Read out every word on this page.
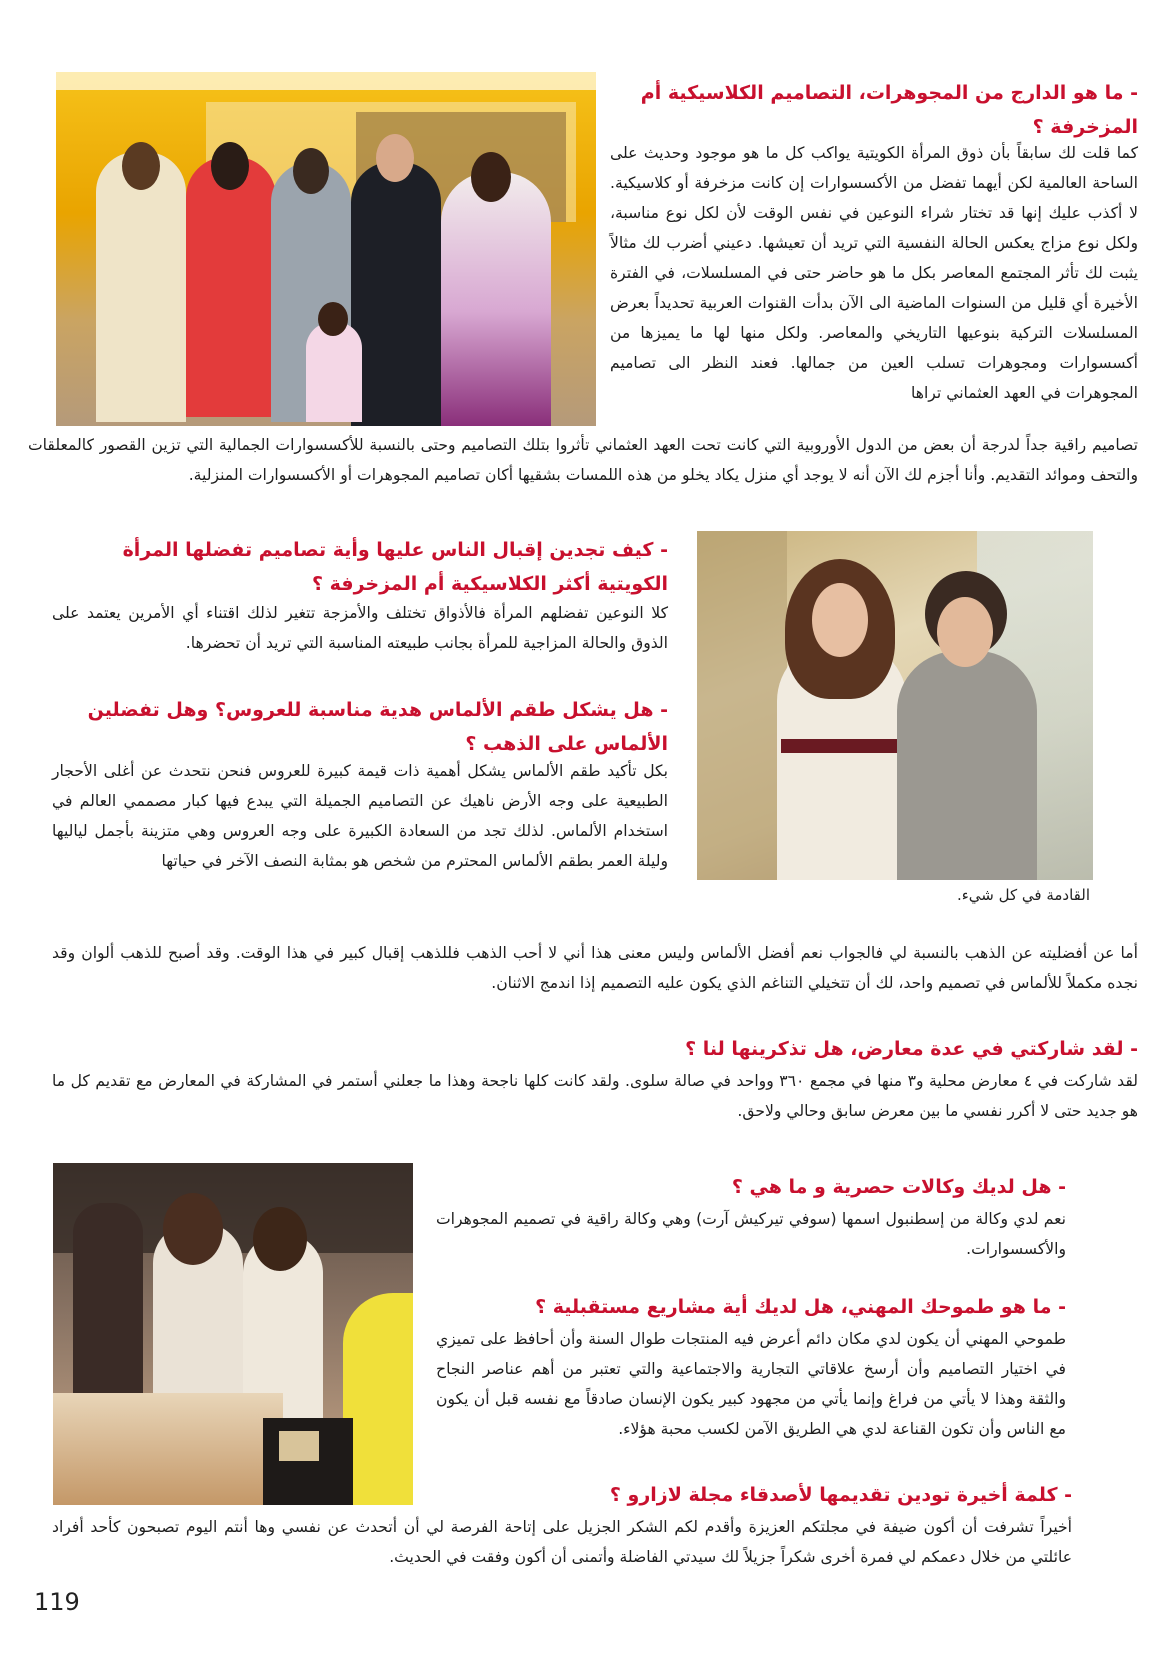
- ما هو الدارج من المجوهرات، التصاميم الكلاسيكية أم المزخرفة ؟

كما قلت لك سابقاً بأن ذوق المرأة الكويتية يواكب كل ما هو موجود وحديث على الساحة العالمية لكن أيهما تفضل من الأكسسوارات إن كانت مزخرفة أو كلاسيكية. لا أكذب عليك إنها قد تختار شراء النوعين في نفس الوقت لأن لكل نوع مناسبة، ولكل نوع مزاج يعكس الحالة النفسية التي تريد أن تعيشها. دعيني أضرب لك مثالاً يثبت لك تأثر المجتمع المعاصر بكل ما هو حاضر حتى في المسلسلات، في الفترة الأخيرة أي قليل من السنوات الماضية الى الآن بدأت القنوات العربية تحديداً بعرض المسلسلات التركية بنوعيها التاريخي والمعاصر. ولكل منها لها ما يميزها من أكسسوارات ومجوهرات تسلب العين من جمالها. فعند النظر الى تصاميم المجوهرات في العهد العثماني تراها

تصاميم راقية جداً لدرجة أن بعض من الدول الأوروبية التي كانت تحت العهد العثماني تأثروا بتلك التصاميم وحتى بالنسبة للأكسسوارات الجمالية التي تزين القصور كالمعلقات والتحف وموائد التقديم. وأنا أجزم لك الآن أنه لا يوجد أي منزل يكاد يخلو من هذه اللمسات بشقيها أكان تصاميم المجوهرات أو الأكسسوارات المنزلية.

القادمة في كل شيء.
- كيف تجدين إقبال الناس عليها وأية تصاميم تفضلها المرأة الكويتية أكثر الكلاسيكية أم المزخرفة ؟

كلا النوعين تفضلهم المرأة فالأذواق تختلف والأمزجة تتغير لذلك اقتناء أي الأمرين يعتمد على الذوق والحالة المزاجية للمرأة بجانب طبيعته المناسبة التي تريد أن تحضرها.

- هل يشكل طقم الألماس هدية مناسبة للعروس؟ وهل تفضلين الألماس على الذهب ؟

بكل تأكيد طقم الألماس يشكل أهمية ذات قيمة كبيرة للعروس فنحن نتحدث عن أغلى الأحجار الطبيعية على وجه الأرض ناهيك عن التصاميم الجميلة التي يبدع فيها كبار مصممي العالم في استخدام الألماس. لذلك تجد من السعادة الكبيرة على وجه العروس وهي متزينة بأجمل لياليها وليلة العمر بطقم الألماس المحترم من شخص هو بمثابة النصف الآخر في حياتها

أما عن أفضليته عن الذهب بالنسبة لي فالجواب نعم أفضل الألماس وليس معنى هذا أني لا أحب الذهب فللذهب إقبال كبير في هذا الوقت. وقد أصبح للذهب ألوان وقد نجده مكملاً للألماس في تصميم واحد، لك أن تتخيلي التناغم الذي يكون عليه التصميم إذا اندمج الاثنان.

- لقد شاركتي في عدة معارض، هل تذكرينها لنا ؟

لقد شاركت في ٤ معارض محلية و٣ منها في مجمع ٣٦٠ وواحد في صالة سلوى. ولقد كانت كلها ناجحة وهذا ما جعلني أستمر في المشاركة في المعارض مع تقديم كل ما هو جديد حتى لا أكرر نفسي ما بين معرض سابق وحالي ولاحق.

- هل لديك وكالات حصرية و ما هي ؟

نعم لدي وكالة من إسطنبول اسمها (سوفي تيركيش آرت) وهي وكالة راقية في تصميم المجوهرات والأكسسوارات.

- ما هو طموحك المهني، هل لديك أية مشاريع مستقبلية ؟

طموحي المهني أن يكون لدي مكان دائم أعرض فيه المنتجات طوال السنة وأن أحافظ على تميزي في اختيار التصاميم وأن أرسخ علاقاتي التجارية والاجتماعية والتي تعتبر من أهم عناصر النجاح والثقة وهذا لا يأتي من فراغ وإنما يأتي من مجهود كبير يكون الإنسان صادقاً مع نفسه قبل أن يكون مع الناس وأن تكون القناعة لدي هي الطريق الآمن لكسب محبة هؤلاء.

- كلمة أخيرة تودين تقديمها لأصدقاء مجلة لازارو ؟

أخيراً تشرفت أن أكون ضيفة في مجلتكم العزيزة وأقدم لكم الشكر الجزيل على إتاحة الفرصة لي أن أتحدث عن نفسي وها أنتم اليوم تصبحون كأحد أفراد عائلتي من خلال دعمكم لي فمرة أخرى شكراً جزيلاً لك سيدتي الفاضلة وأتمنى أن أكون وفقت في الحديث.

119
